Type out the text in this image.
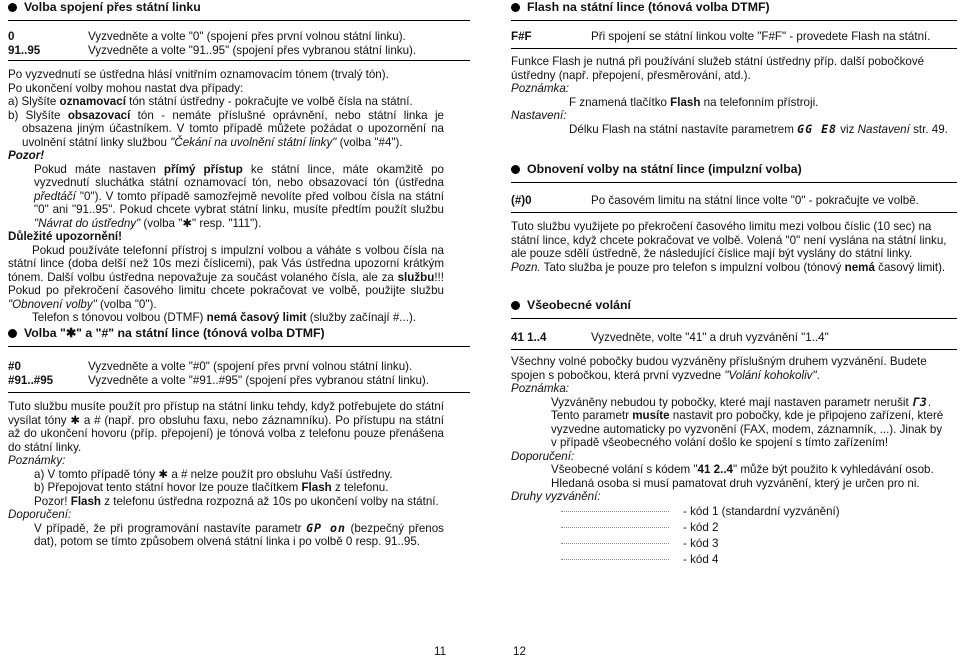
Volba spojení přes státní linku
0	Vyzvedněte a volte "0" (spojení přes první volnou státní linku).
91..95	Vyzvedněte a volte "91..95" (spojení přes vybranou státní linku).

Po vyzvednutí se ústředna hlásí vnitřním oznamovacím tónem (trvalý tón).

Po ukončení volby mohou nastat dva případy:

a) Slyšíte oznamovací tón státní ústředny - pokračujte ve volbě čísla na státní.

b) Slyšíte obsazovací tón - nemáte příslušné oprávnění, nebo státní linka je obsazena jiným účastníkem. V tomto případě můžete požádat o upozornění na uvolnění státní linky službou "Čekání na uvolnění státní linky" (volba "#4").

Pozor!

Pokud máte nastaven přímý přístup ke státní lince, máte okamžitě po vyzvednutí sluchátka státní oznamovací tón, nebo obsazovací tón (ústředna předtáčí "0"). V tomto případě samozřejmě nevolíte před volbou čísla na státní "0" ani "91..95". Pokud chcete vybrat státní linku, musíte předtím použít službu "Návrat do ústředny" (volba "✱" resp. "111").

Důležité upozornění!

Pokud používáte telefonní přístroj s impulzní volbou a váháte s volbou čísla na státní lince (doba delší než 10s mezi číslicemi), pak Vás ústředna upozorní krátkým tónem. Další volbu ústředna nepovažuje za součást volaného čísla, ale za službu!!! Pokud po překročení časového limitu chcete pokračovat ve volbě, použijte službu "Obnovení volby" (volba "0").

Telefon s tónovou volbou (DTMF) nemá časový limit (služby začínají #...).

Volba "✱" a "#" na státní lince (tónová volba DTMF)
#0	Vyzvedněte a volte "#0" (spojení přes první volnou státní linku).
#91..#95	Vyzvedněte a volte "#91..#95" (spojení přes vybranou státní linku).

Tuto službu musíte použít pro přístup na státní linku tehdy, když potřebujete do státní vysílat tóny ✱ a # (např. pro obsluhu faxu, nebo záznamníku). Po přístupu na státní až do ukončení hovoru (příp. přepojení) je tónová volba z telefonu pouze přenášena do státní linky.

Poznámky:

a) V tomto případě tóny ✱ a # nelze použít pro obsluhu Vaší ústředny.

b) Přepojovat tento státní hovor lze pouze tlačítkem Flash z telefonu.

Pozor! Flash z telefonu ústředna rozpozná až 10s po ukončení volby na státní.

Doporučení:

V případě, že při programování nastavíte parametr GP on (bezpečný přenos dat), potom se tímto způsobem olvená státní linka i po volbě 0 resp. 91..95.

11
Flash na státní lince (tónová volba DTMF)
F#F	Při spojení se státní linkou volte "F#F" - provedete Flash na státní.

Funkce Flash je nutná při používání služeb státní ústředny příp. další pobočkové ústředny (např. přepojení, přesměrování, atd.).

Poznámka:

F znamená tlačítko Flash na telefonním přístroji.

Nastavení:

Délku Flash na státní nastavíte parametrem GG E8 viz Nastavení str. 49.

Obnovení volby na státní lince (impulzní volba)
(#)0	Po časovém limitu na státní lince volte "0" - pokračujte ve volbě.

Tuto službu využijete po překročení časového limitu mezi volbou číslic (10 sec) na státní lince, když chcete pokračovat ve volbě. Volená "0" není vyslána na státní linku, ale pouze sdělí ústředně, že následující číslice mají být vyslány do státní linky.

Pozn. Tato služba je pouze pro telefon s impulzní volbou (tónový nemá časový limit).

Všeobecné volání
41 1..4	Vyzvedněte, volte "41" a druh vyzvánění "1..4"

Všechny volné pobočky budou vyzváněny příslušným druhem vyzvánění. Budete spojen s pobočkou, která první vyzvedne "Volání kohokoliv".

Poznámka:

Vyzváněny nebudou ty pobočky, které mají nastaven parametr nerušit Г3. Tento parametr musíte nastavit pro pobočky, kde je připojeno zařízení, které vyzvedne automaticky po vyzvonění (FAX, modem, záznamník, ...). Jinak by v případě všeobecného volání došlo ke spojení s tímto zařízením!

Doporučení:

Všeobecné volání s kódem "41 2..4" může být použito k vyhledávání osob. Hledaná osoba si musí pamatovat druh vyzvánění, který je určen pro ni.

Druhy vyzvánění:

- kód 1 (standardní vyzvánění)
- kód 2
- kód 3
- kód 4
12
